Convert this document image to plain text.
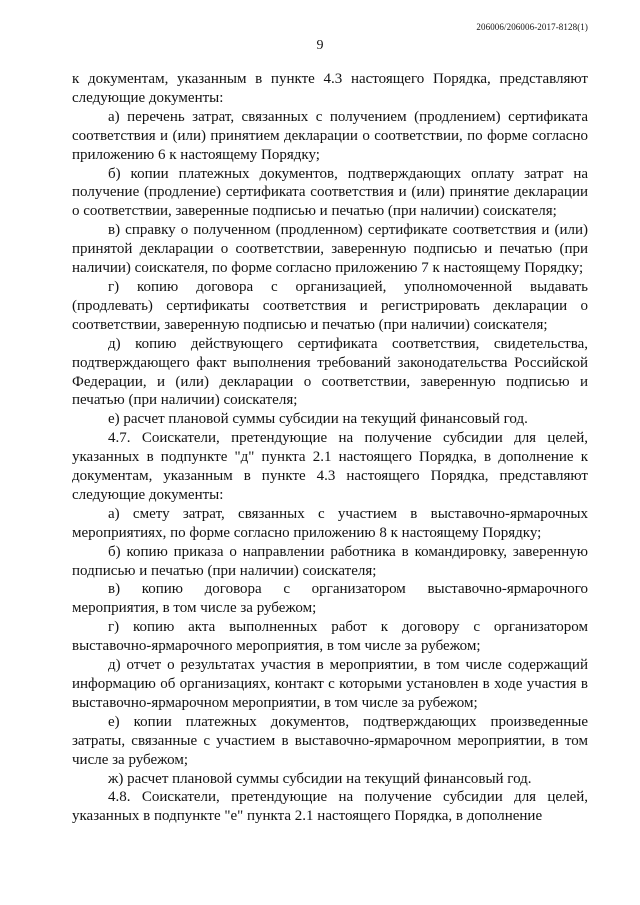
206006/206006-2017-8128(1)
9

к документам, указанным в пункте 4.3 настоящего Порядка, представляют следующие документы:

а) перечень затрат, связанных с получением (продлением) сертификата соответствия и (или) принятием декларации о соответствии, по форме согласно приложению 6 к настоящему Порядку;

б) копии платежных документов, подтверждающих оплату затрат на получение (продление) сертификата соответствия и (или) принятие декларации о соответствии, заверенные подписью и печатью (при наличии) соискателя;

в) справку о полученном (продленном) сертификате соответствия и (или) принятой декларации о соответствии, заверенную подписью и печатью (при наличии) соискателя, по форме согласно приложению 7 к настоящему Порядку;

г) копию договора с организацией, уполномоченной выдавать (продлевать) сертификаты соответствия и регистрировать декларации о соответствии, заверенную подписью и печатью (при наличии) соискателя;

д) копию действующего сертификата соответствия, свидетельства, подтверждающего факт выполнения требований законодательства Российской Федерации, и (или) декларации о соответствии, заверенную подписью и печатью (при наличии) соискателя;

е) расчет плановой суммы субсидии на текущий финансовый год.

4.7. Соискатели, претендующие на получение субсидии для целей, указанных в подпункте "д" пункта 2.1 настоящего Порядка, в дополнение к документам, указанным в пункте 4.3 настоящего Порядка, представляют следующие документы:

а) смету затрат, связанных с участием в выставочно-ярмарочных мероприятиях, по форме согласно приложению 8 к настоящему Порядку;

б) копию приказа о направлении работника в командировку, заверенную подписью и печатью (при наличии) соискателя;

в) копию договора с организатором выставочно-ярмарочного мероприятия, в том числе за рубежом;

г) копию акта выполненных работ к договору с организатором выставочно-ярмарочного мероприятия, в том числе за рубежом;

д) отчет о результатах участия в мероприятии, в том числе содержащий информацию об организациях, контакт с которыми установлен в ходе участия в выставочно-ярмарочном мероприятии, в том числе за рубежом;

е) копии платежных документов, подтверждающих произведенные затраты, связанные с участием в выставочно-ярмарочном мероприятии, в том числе за рубежом;

ж) расчет плановой суммы субсидии на текущий финансовый год.

4.8. Соискатели, претендующие на получение субсидии для целей, указанных в подпункте "е" пункта 2.1 настоящего Порядка, в дополнение
